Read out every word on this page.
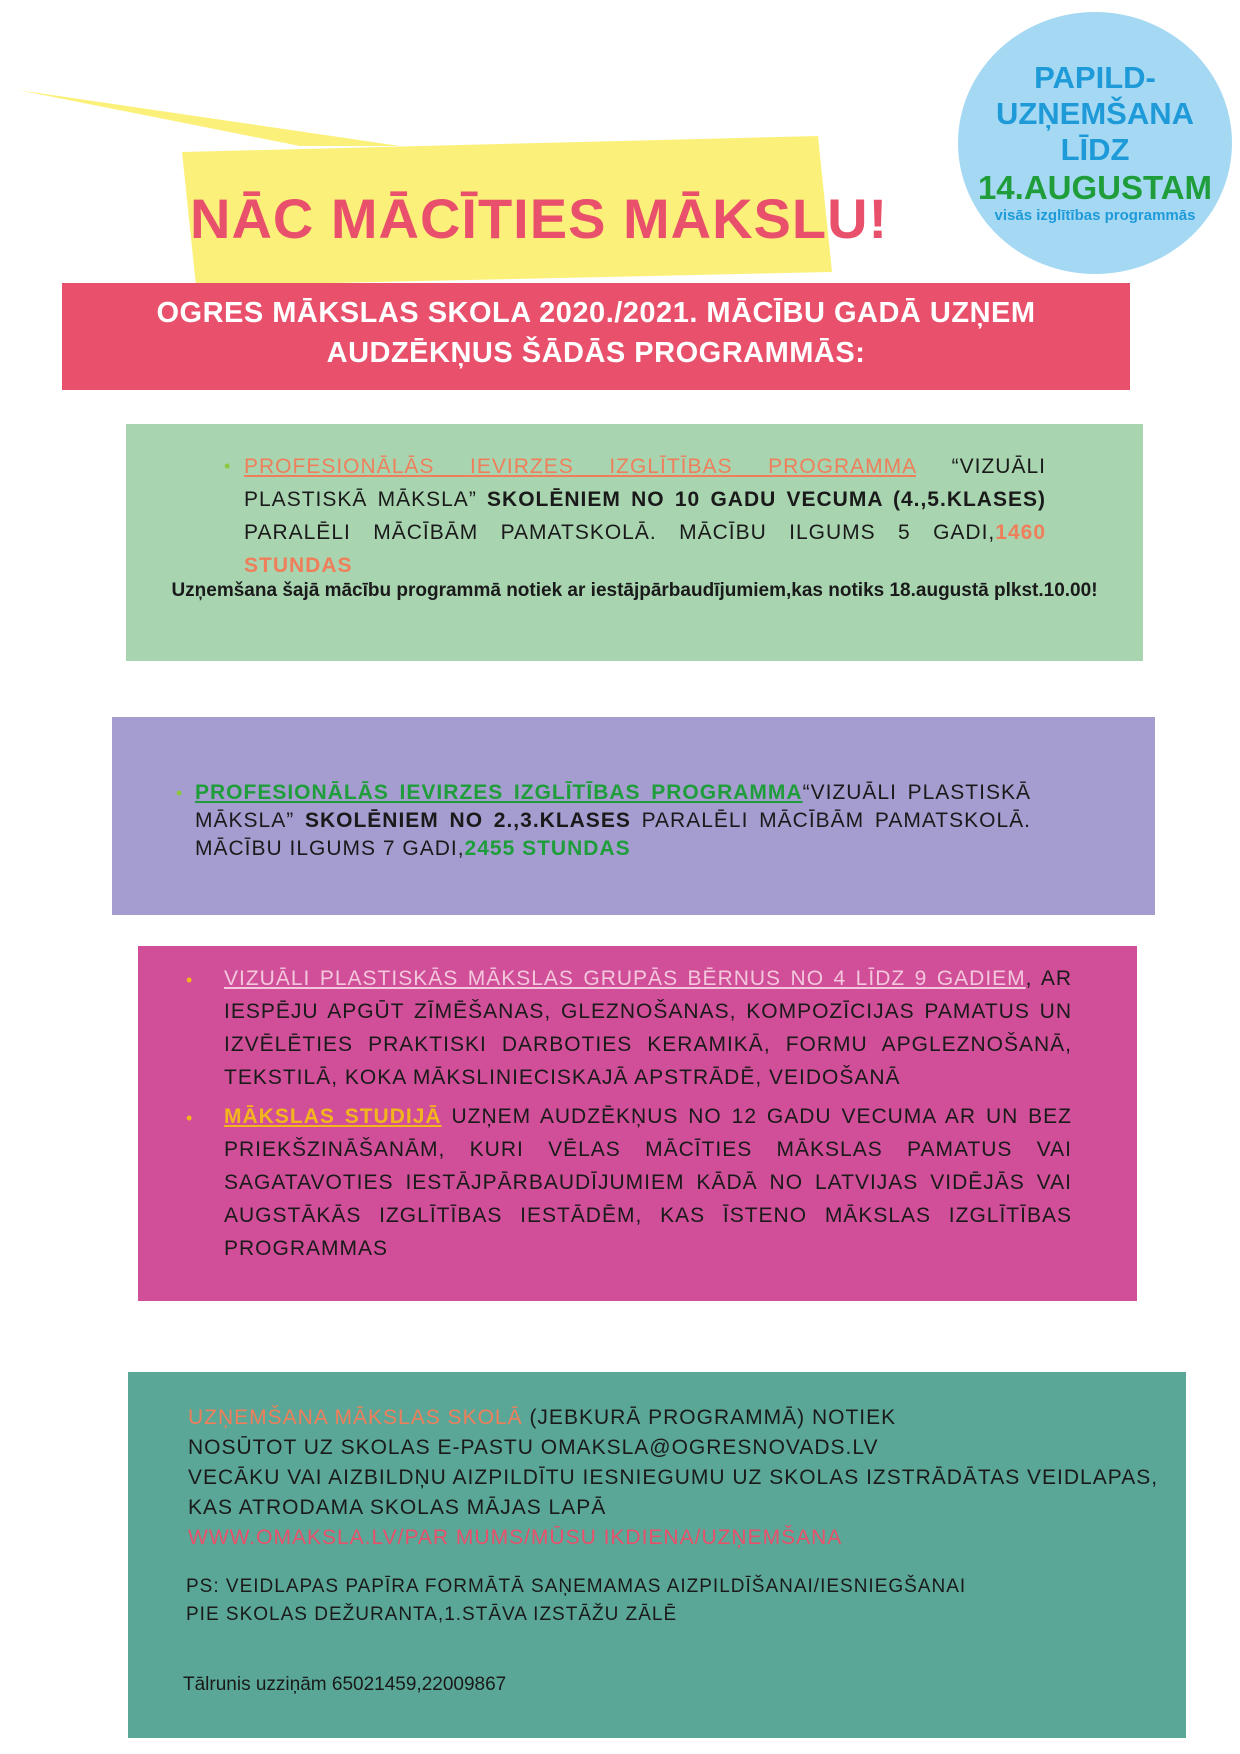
NĀC MĀCĪTIES MĀKSLU!
PAPILD-
UZŅEMŠANA
LĪDZ
14.AUGUSTAM
visās izglītības programmās
OGRES MĀKSLAS SKOLA 2020./2021. MĀCĪBU GADĀ UZŅEM
AUDZĒKŅUS ŠĀDĀS PROGRAMMĀS:
• PROFESIONĀLĀS IEVIRZES IZGLĪTĪBAS PROGRAMMA “VIZUĀLI PLASTISKĀ MĀKSLA” SKOLĒNIEM NO 10 GADU VECUMA (4.,5.KLASES) PARALĒLI MĀCĪBĀM PAMATSKOLĀ. MĀCĪBU ILGUMS 5 GADI,1460 STUNDAS
Uzņemšana šajā mācību programmā notiek ar iestājpārbaudījumiem,kas notiks 18.augustā plkst.10.00!
• PROFESIONĀLĀS IEVIRZES IZGLĪTĪBAS PROGRAMMA“VIZUĀLI PLASTISKĀ MĀKSLA” SKOLĒNIEM NO 2.,3.KLASES PARALĒLI MĀCĪBĀM PAMATSKOLĀ. MĀCĪBU ILGUMS 7 GADI,2455 STUNDAS
• VIZUĀLI PLASTISKĀS MĀKSLAS GRUPĀS BĒRNUS NO 4 LĪDZ 9 GADIEM, AR IESPĒJU APGŪT ZĪMĒŠANAS, GLEZNOŠANAS, KOMPOZĪCIJAS PAMATUS UN IZVĒLĒTIES PRAKTISKI DARBOTIES KERAMIKĀ, FORMU APGLEZNOŠANĀ, TEKSTILĀ, KOKA MĀKSLINIECISKAJĀ APSTRĀDĒ, VEIDOŠANĀ
• MĀKSLAS STUDIJĀ UZŅEM AUDZĒKŅUS NO 12 GADU VECUMA AR UN BEZ PRIEKŠZINĀŠANĀM, KURI VĒLAS MĀCĪTIES MĀKSLAS PAMATUS VAI SAGATAVOTIES IESTĀJPĀRBAUDĪJUMIEM KĀDĀ NO LATVIJAS VIDĒJĀS VAI AUGSTĀKĀS IZGLĪTĪBAS IESTĀDĒM, KAS ĪSTENO MĀKSLAS IZGLĪTĪBAS PROGRAMMAS
UZŅEMŠANA MĀKSLAS SKOLĀ (JEBKURĀ PROGRAMMĀ) NOTIEK
NOSŪTOT UZ SKOLAS E-PASTU OMAKSLA@OGRESNOVADS.LV
VECĀKU VAI AIZBILDŅU AIZPILDĪTU IESNIEGUMU UZ SKOLAS IZSTRĀDĀTAS VEIDLAPAS,
KAS ATRODAMA SKOLAS MĀJAS LAPĀ
WWW.OMAKSLA.LV/PAR MUMS/MŪSU IKDIENA/UZŅEMŠANA
PS: VEIDLAPAS PAPĪRA FORMĀTĀ SAŅEMAMAS AIZPILDĪŠANAI/IESNIEGŠANAI
PIE SKOLAS DEŽURANTA,1.STĀVA IZSTĀŽU ZĀLĒ
Tālrunis uzziņām 65021459,22009867
